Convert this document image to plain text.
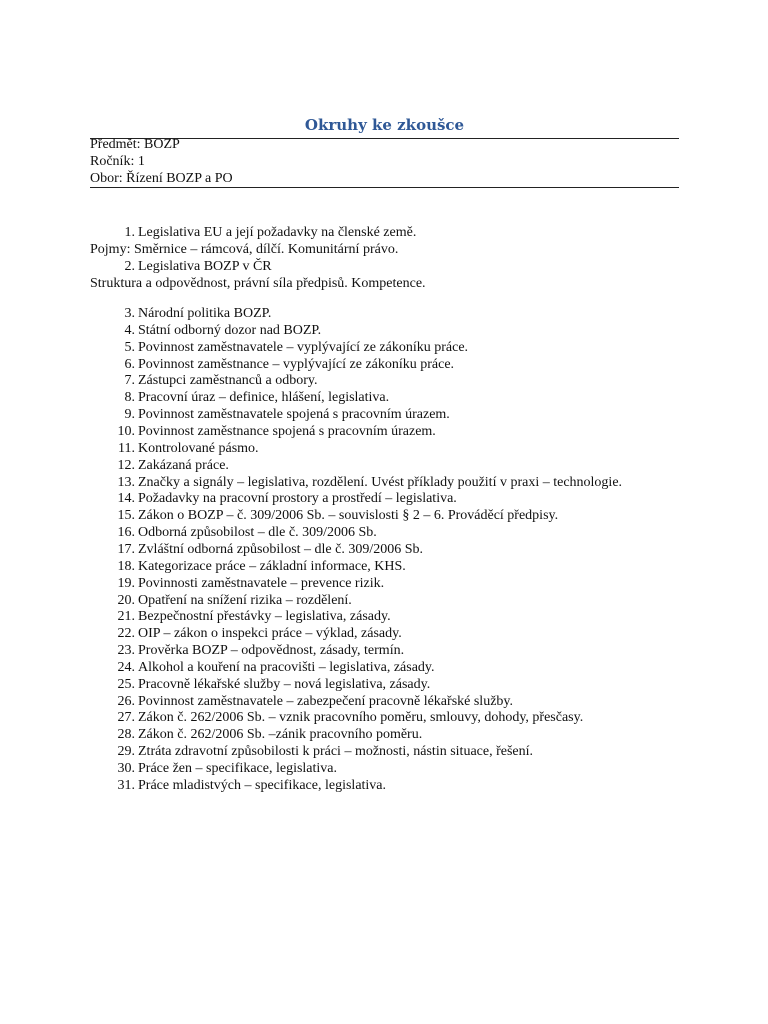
Okruhy ke zkoušce
Předmět: BOZP
Ročník: 1
Obor: Řízení BOZP a PO
1. Legislativa EU a její požadavky na členské země.
Pojmy: Směrnice – rámcová, dílčí. Komunitární právo.
2. Legislativa BOZP v ČR
Struktura a odpovědnost, právní síla předpisů. Kompetence.
3. Národní politika BOZP.
4. Státní odborný dozor nad BOZP.
5. Povinnost zaměstnavatele – vyplývající ze zákoníku práce.
6. Povinnost zaměstnance – vyplývající ze zákoníku práce.
7. Zástupci zaměstnanců a odbory.
8. Pracovní úraz – definice, hlášení, legislativa.
9. Povinnost zaměstnavatele spojená s pracovním úrazem.
10. Povinnost zaměstnance spojená s pracovním úrazem.
11. Kontrolované pásmo.
12. Zakázaná práce.
13. Značky a signály – legislativa, rozdělení. Uvést příklady použití v praxi – technologie.
14. Požadavky na pracovní prostory a prostředí – legislativa.
15. Zákon o BOZP – č. 309/2006 Sb. – souvislosti § 2 – 6. Prováděcí předpisy.
16. Odborná způsobilost – dle č. 309/2006 Sb.
17. Zvláštní odborná způsobilost – dle č. 309/2006 Sb.
18. Kategorizace práce – základní informace, KHS.
19. Povinnosti zaměstnavatele – prevence rizik.
20. Opatření na snížení rizika – rozdělení.
21. Bezpečnostní přestávky – legislativa, zásady.
22. OIP – zákon o inspekci práce – výklad, zásady.
23. Prověrka BOZP – odpovědnost, zásady, termín.
24. Alkohol a kouření na pracovišti – legislativa, zásady.
25. Pracovně lékařské služby – nová legislativa, zásady.
26. Povinnost zaměstnavatele – zabezpečení pracovně lékařské služby.
27. Zákon č. 262/2006 Sb. – vznik pracovního poměru, smlouvy, dohody, přesčasy.
28. Zákon č. 262/2006 Sb. –zánik pracovního poměru.
29. Ztráta zdravotní způsobilosti k práci – možnosti, nástin situace, řešení.
30. Práce žen – specifikace, legislativa.
31. Práce mladistvých – specifikace, legislativa.
